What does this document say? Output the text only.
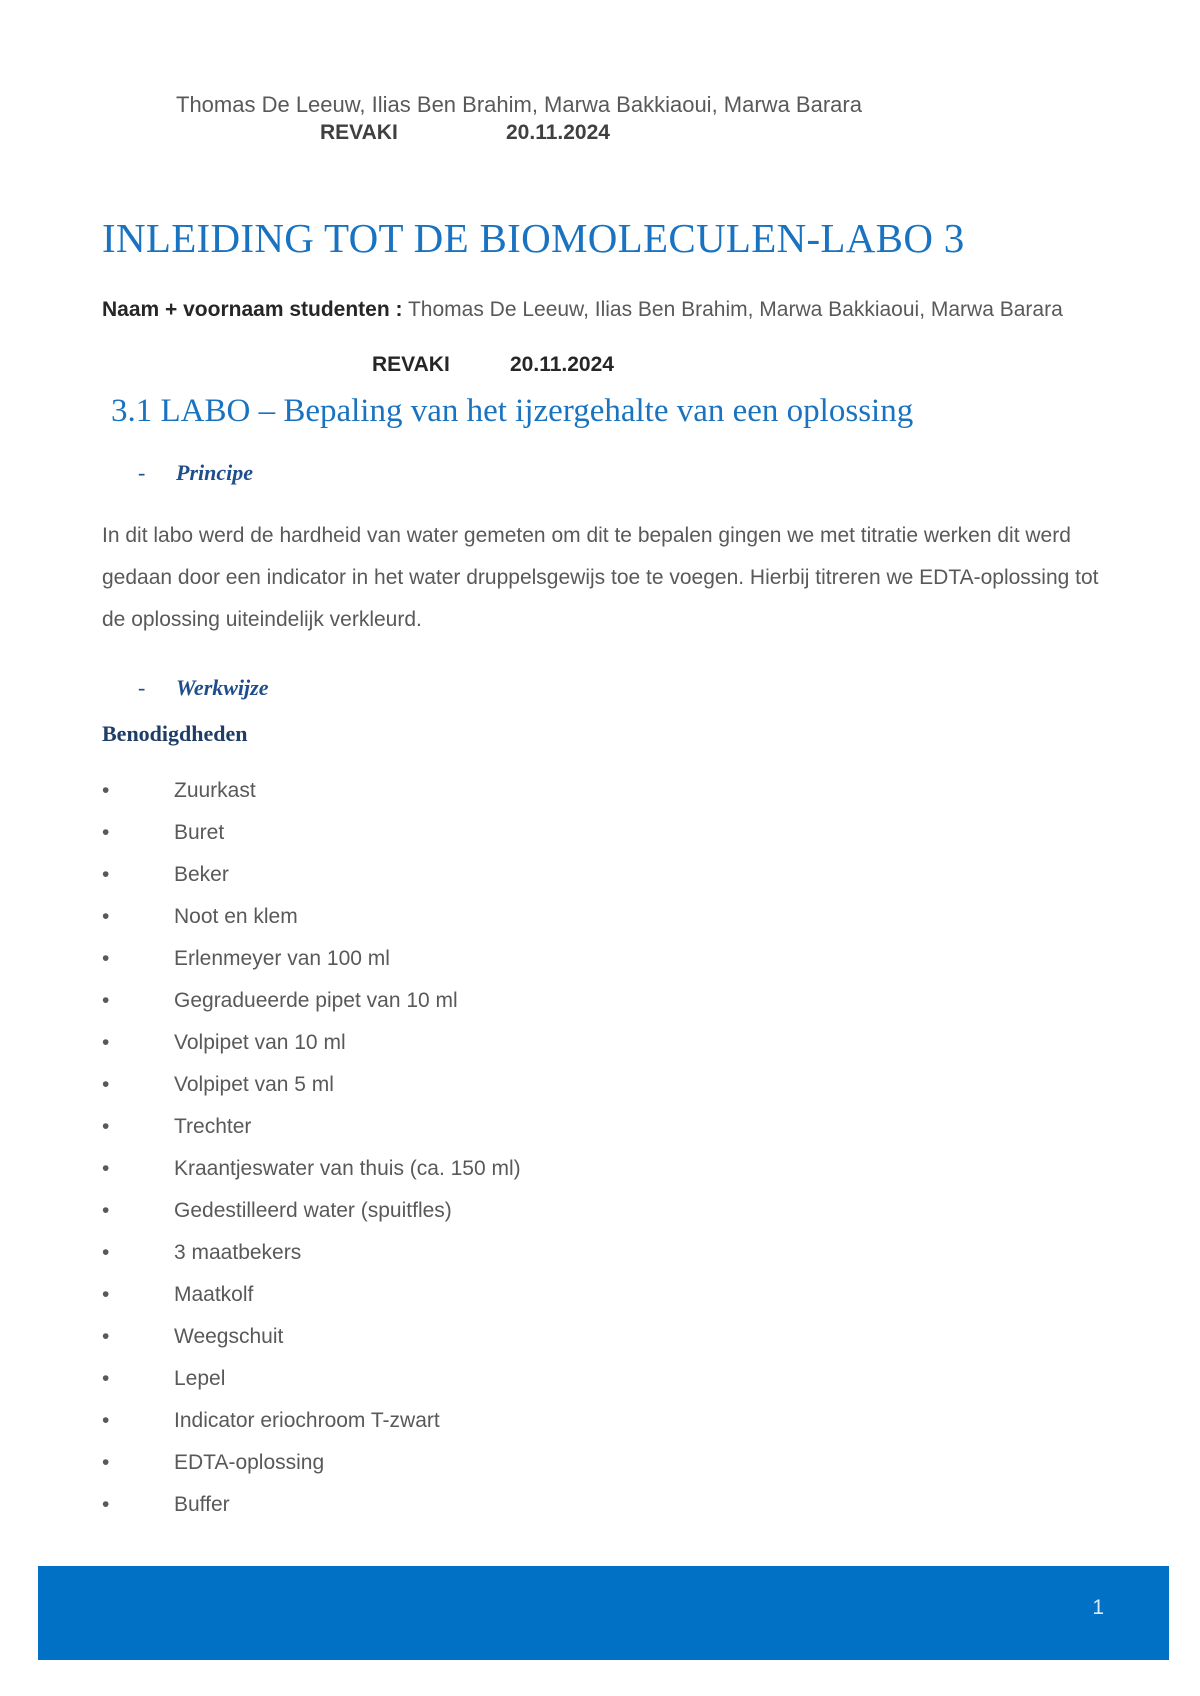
Thomas De Leeuw, Ilias Ben Brahim, Marwa Bakkiaoui, Marwa Barara
REVAKI	20.11.2024
INLEIDING TOT DE BIOMOLECULEN-LABO 3
Naam + voornaam studenten : Thomas De Leeuw, Ilias Ben Brahim, Marwa Bakkiaoui, Marwa Barara
REVAKI	20.11.2024
3.1 LABO – Bepaling van het ijzergehalte van een oplossing
- Principe
In dit labo werd de hardheid van water gemeten om dit te bepalen gingen we met titratie werken dit werd gedaan door een indicator in het water druppelsgewijs toe te voegen. Hierbij titreren we EDTA-oplossing tot de oplossing uiteindelijk verkleurd.
- Werkwijze
Benodigdheden
•	Zuurkast
•	Buret
•	Beker
•	Noot en klem
•	Erlenmeyer van 100 ml
•	Gegradueerde pipet van 10 ml
•	Volpipet van 10 ml
•	Volpipet van 5 ml
•	Trechter
•	Kraantjeswater van thuis (ca. 150 ml)
•	Gedestilleerd water (spuitfles)
•	3 maatbekers
•	Maatkolf
•	Weegschuit
•	Lepel
•	Indicator eriochroom T-zwart
•	EDTA-oplossing
•	Buffer
1
